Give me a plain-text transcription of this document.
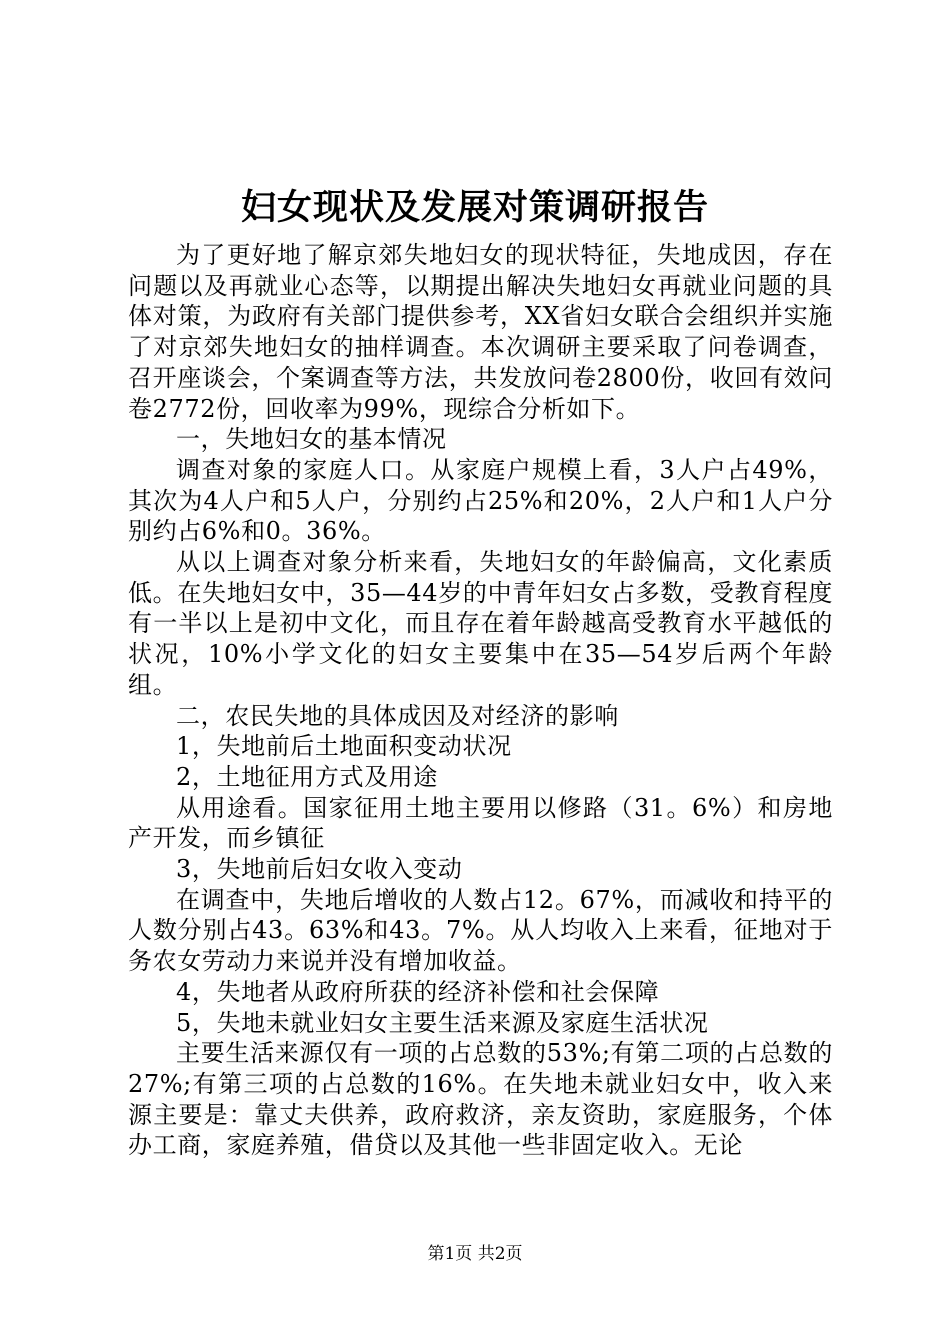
妇女现状及发展对策调研报告

为了更好地了解京郊失地妇女的现状特征，失地成因，存在问题以及再就业心态等，以期提出解决失地妇女再就业问题的具体对策，为政府有关部门提供参考，XX省妇女联合会组织并实施了对京郊失地妇女的抽样调查。本次调研主要采取了问卷调查，召开座谈会，个案调查等方法，共发放问卷2800份，收回有效问卷2772份，回收率为99%，现综合分析如下。

一，失地妇女的基本情况

调查对象的家庭人口。从家庭户规模上看，3人户占49%，其次为4人户和5人户，分别约占25%和20%，2人户和1人户分别约占6%和0。36%。

从以上调查对象分析来看，失地妇女的年龄偏高，文化素质低。在失地妇女中，35—44岁的中青年妇女占多数，受教育程度有一半以上是初中文化，而且存在着年龄越高受教育水平越低的状况，10%小学文化的妇女主要集中在35—54岁后两个年龄组。

二，农民失地的具体成因及对经济的影响

1，失地前后土地面积变动状况

2，土地征用方式及用途

从用途看。国家征用土地主要用以修路（31。6%）和房地产开发，而乡镇征

3，失地前后妇女收入变动

在调查中，失地后增收的人数占12。67%，而减收和持平的人数分别占43。63%和43。7%。从人均收入上来看，征地对于务农女劳动力来说并没有增加收益。

4，失地者从政府所获的经济补偿和社会保障

5，失地未就业妇女主要生活来源及家庭生活状况

主要生活来源仅有一项的占总数的53%;有第二项的占总数的27%;有第三项的占总数的16%。在失地未就业妇女中，收入来源主要是：靠丈夫供养，政府救济，亲友资助，家庭服务，个体办工商，家庭养殖，借贷以及其他一些非固定收入。无论

第1页 共2页
